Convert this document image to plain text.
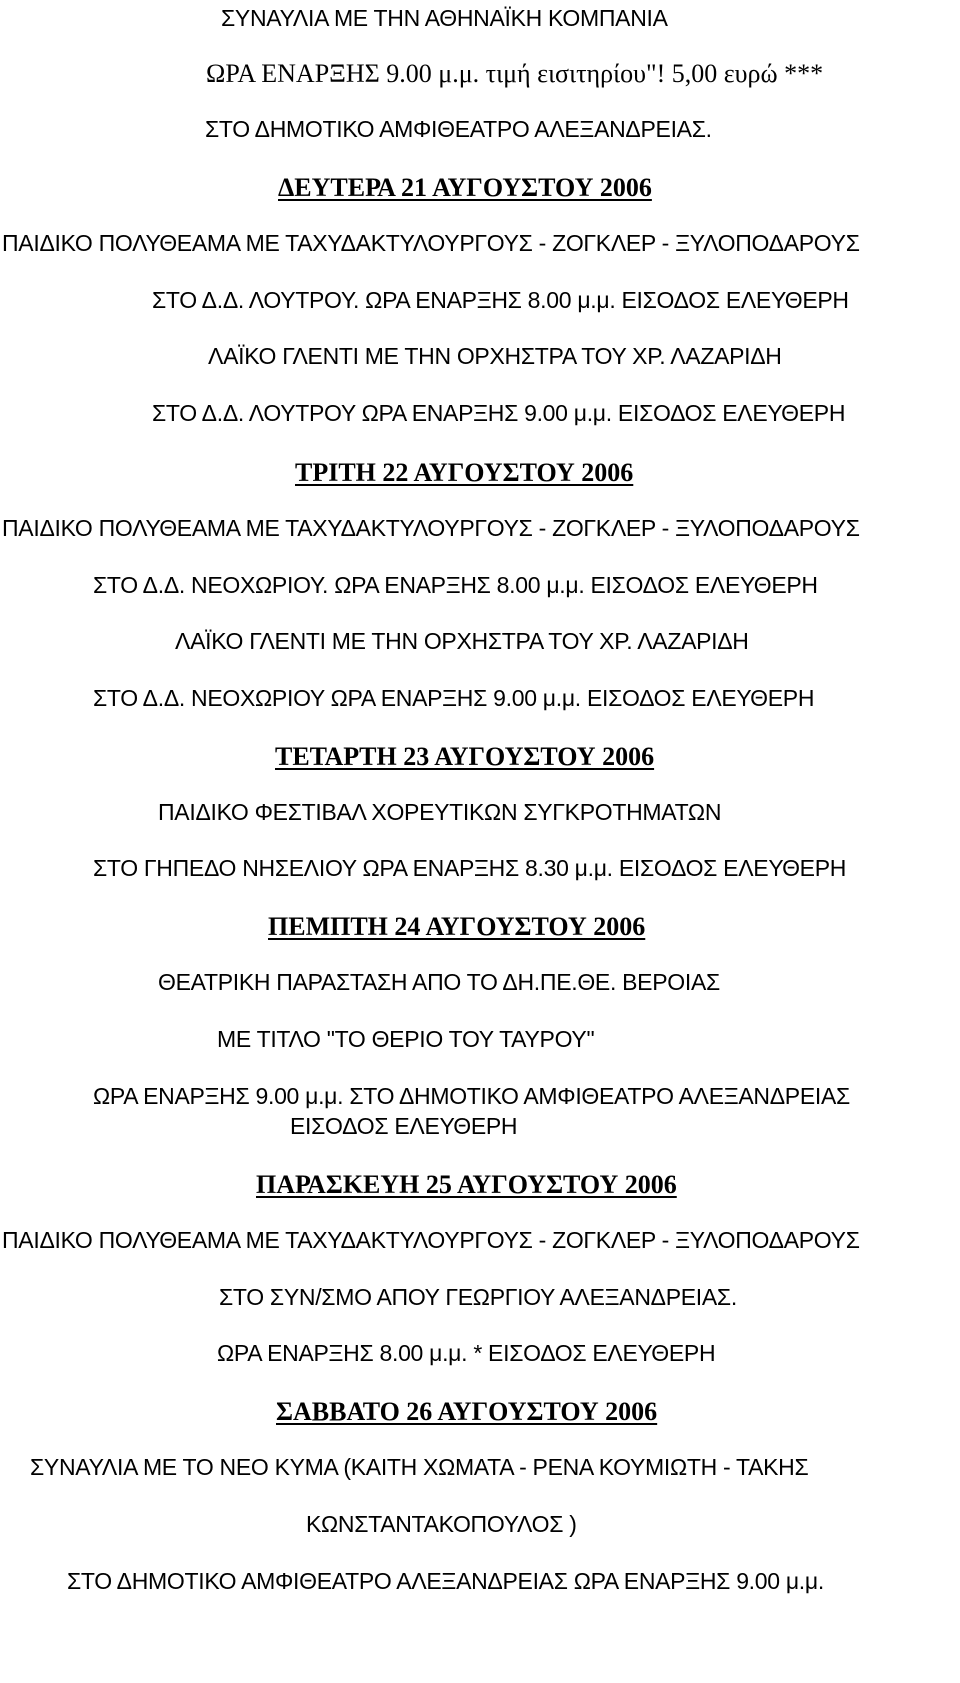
ΣΥΝΑΥΛΙΑ ΜΕ ΤΗΝ ΑΘΗΝΑΪΚΗ ΚΟΜΠΑΝΙΑ
ΩΡΑ ΕΝΑΡΞΗΣ 9.00 μ.μ. τιμή εισιτηρίου"! 5,00 ευρώ ***
ΣΤΟ ΔΗΜΟΤΙΚΟ ΑΜΦΙΘΕΑΤΡΟ ΑΛΕΞΑΝΔΡΕΙΑΣ.
ΔΕΥΤΕΡΑ 21 ΑΥΓΟΥΣΤΟΥ 2006
ΠΑΙΔΙΚΟ ΠΟΛΥΘΕΑΜΑ ΜΕ ΤΑΧΥΔΑΚΤΥΛΟΥΡΓΟΥΣ - ΖΟΓΚΛΕΡ - ΞΥΛΟΠΟΔΑΡΟΥΣ
ΣΤΟ Δ.Δ. ΛΟΥΤΡΟΥ. ΩΡΑ ΕΝΑΡΞΗΣ 8.00 μ.μ. ΕΙΣΟΔΟΣ ΕΛΕΥΘΕΡΗ
ΛΑΪΚΟ ΓΛΕΝΤΙ ΜΕ ΤΗΝ ΟΡΧΗΣΤΡΑ ΤΟΥ ΧΡ. ΛΑΖΑΡΙΔΗ
ΣΤΟ Δ.Δ. ΛΟΥΤΡΟΥ ΩΡΑ ΕΝΑΡΞΗΣ 9.00 μ.μ. ΕΙΣΟΔΟΣ ΕΛΕΥΘΕΡΗ
ΤΡΙΤΗ 22 ΑΥΓΟΥΣΤΟΥ 2006
ΠΑΙΔΙΚΟ ΠΟΛΥΘΕΑΜΑ ΜΕ ΤΑΧΥΔΑΚΤΥΛΟΥΡΓΟΥΣ - ΖΟΓΚΛΕΡ - ΞΥΛΟΠΟΔΑΡΟΥΣ
ΣΤΟ Δ.Δ. ΝΕΟΧΩΡΙΟΥ. ΩΡΑ ΕΝΑΡΞΗΣ 8.00 μ.μ. ΕΙΣΟΔΟΣ ΕΛΕΥΘΕΡΗ
ΛΑΪΚΟ ΓΛΕΝΤΙ ΜΕ ΤΗΝ ΟΡΧΗΣΤΡΑ ΤΟΥ ΧΡ. ΛΑΖΑΡΙΔΗ
ΣΤΟ Δ.Δ. ΝΕΟΧΩΡΙΟΥ ΩΡΑ ΕΝΑΡΞΗΣ 9.00 μ.μ. ΕΙΣΟΔΟΣ ΕΛΕΥΘΕΡΗ
ΤΕΤΑΡΤΗ 23 ΑΥΓΟΥΣΤΟΥ 2006
ΠΑΙΔΙΚΟ ΦΕΣΤΙΒΑΛ ΧΟΡΕΥΤΙΚΩΝ ΣΥΓΚΡΟΤΗΜΑΤΩΝ
ΣΤΟ ΓΗΠΕΔΟ ΝΗΣΕΛΙΟΥ ΩΡΑ ΕΝΑΡΞΗΣ 8.30 μ.μ. ΕΙΣΟΔΟΣ ΕΛΕΥΘΕΡΗ
ΠΕΜΠΤΗ 24 ΑΥΓΟΥΣΤΟΥ 2006
ΘΕΑΤΡΙΚΗ ΠΑΡΑΣΤΑΣΗ ΑΠΟ ΤΟ ΔΗ.ΠΕ.ΘΕ. ΒΕΡΟΙΑΣ
ΜΕ ΤΙΤΛΟ "ΤΟ ΘΕΡΙΟ ΤΟΥ ΤΑΥΡΟΥ"
ΩΡΑ ΕΝΑΡΞΗΣ 9.00 μ.μ. ΣΤΟ ΔΗΜΟΤΙΚΟ ΑΜΦΙΘΕΑΤΡΟ ΑΛΕΞΑΝΔΡΕΙΑΣ
ΕΙΣΟΔΟΣ ΕΛΕΥΘΕΡΗ
ΠΑΡΑΣΚΕΥΗ 25 ΑΥΓΟΥΣΤΟΥ 2006
ΠΑΙΔΙΚΟ ΠΟΛΥΘΕΑΜΑ ΜΕ ΤΑΧΥΔΑΚΤΥΛΟΥΡΓΟΥΣ - ΖΟΓΚΛΕΡ - ΞΥΛΟΠΟΔΑΡΟΥΣ
ΣΤΟ ΣΥΝ/ΣΜΟ ΑΠΟΥ ΓΕΩΡΓΙΟΥ ΑΛΕΞΑΝΔΡΕΙΑΣ.
ΩΡΑ ΕΝΑΡΞΗΣ 8.00 μ.μ. * ΕΙΣΟΔΟΣ ΕΛΕΥΘΕΡΗ
ΣΑΒΒΑΤΟ 26 ΑΥΓΟΥΣΤΟΥ 2006
ΣΥΝΑΥΛΙΑ ΜΕ ΤΟ ΝΕΟ ΚΥΜΑ (ΚΑΙΤΗ ΧΩΜΑΤΑ - ΡΕΝΑ ΚΟΥΜΙΩΤΗ - ΤΑΚΗΣ
ΚΩΝΣΤΑΝΤΑΚΟΠΟΥΛΟΣ )
ΣΤΟ ΔΗΜΟΤΙΚΟ ΑΜΦΙΘΕΑΤΡΟ ΑΛΕΞΑΝΔΡΕΙΑΣ ΩΡΑ ΕΝΑΡΞΗΣ 9.00 μ.μ.
